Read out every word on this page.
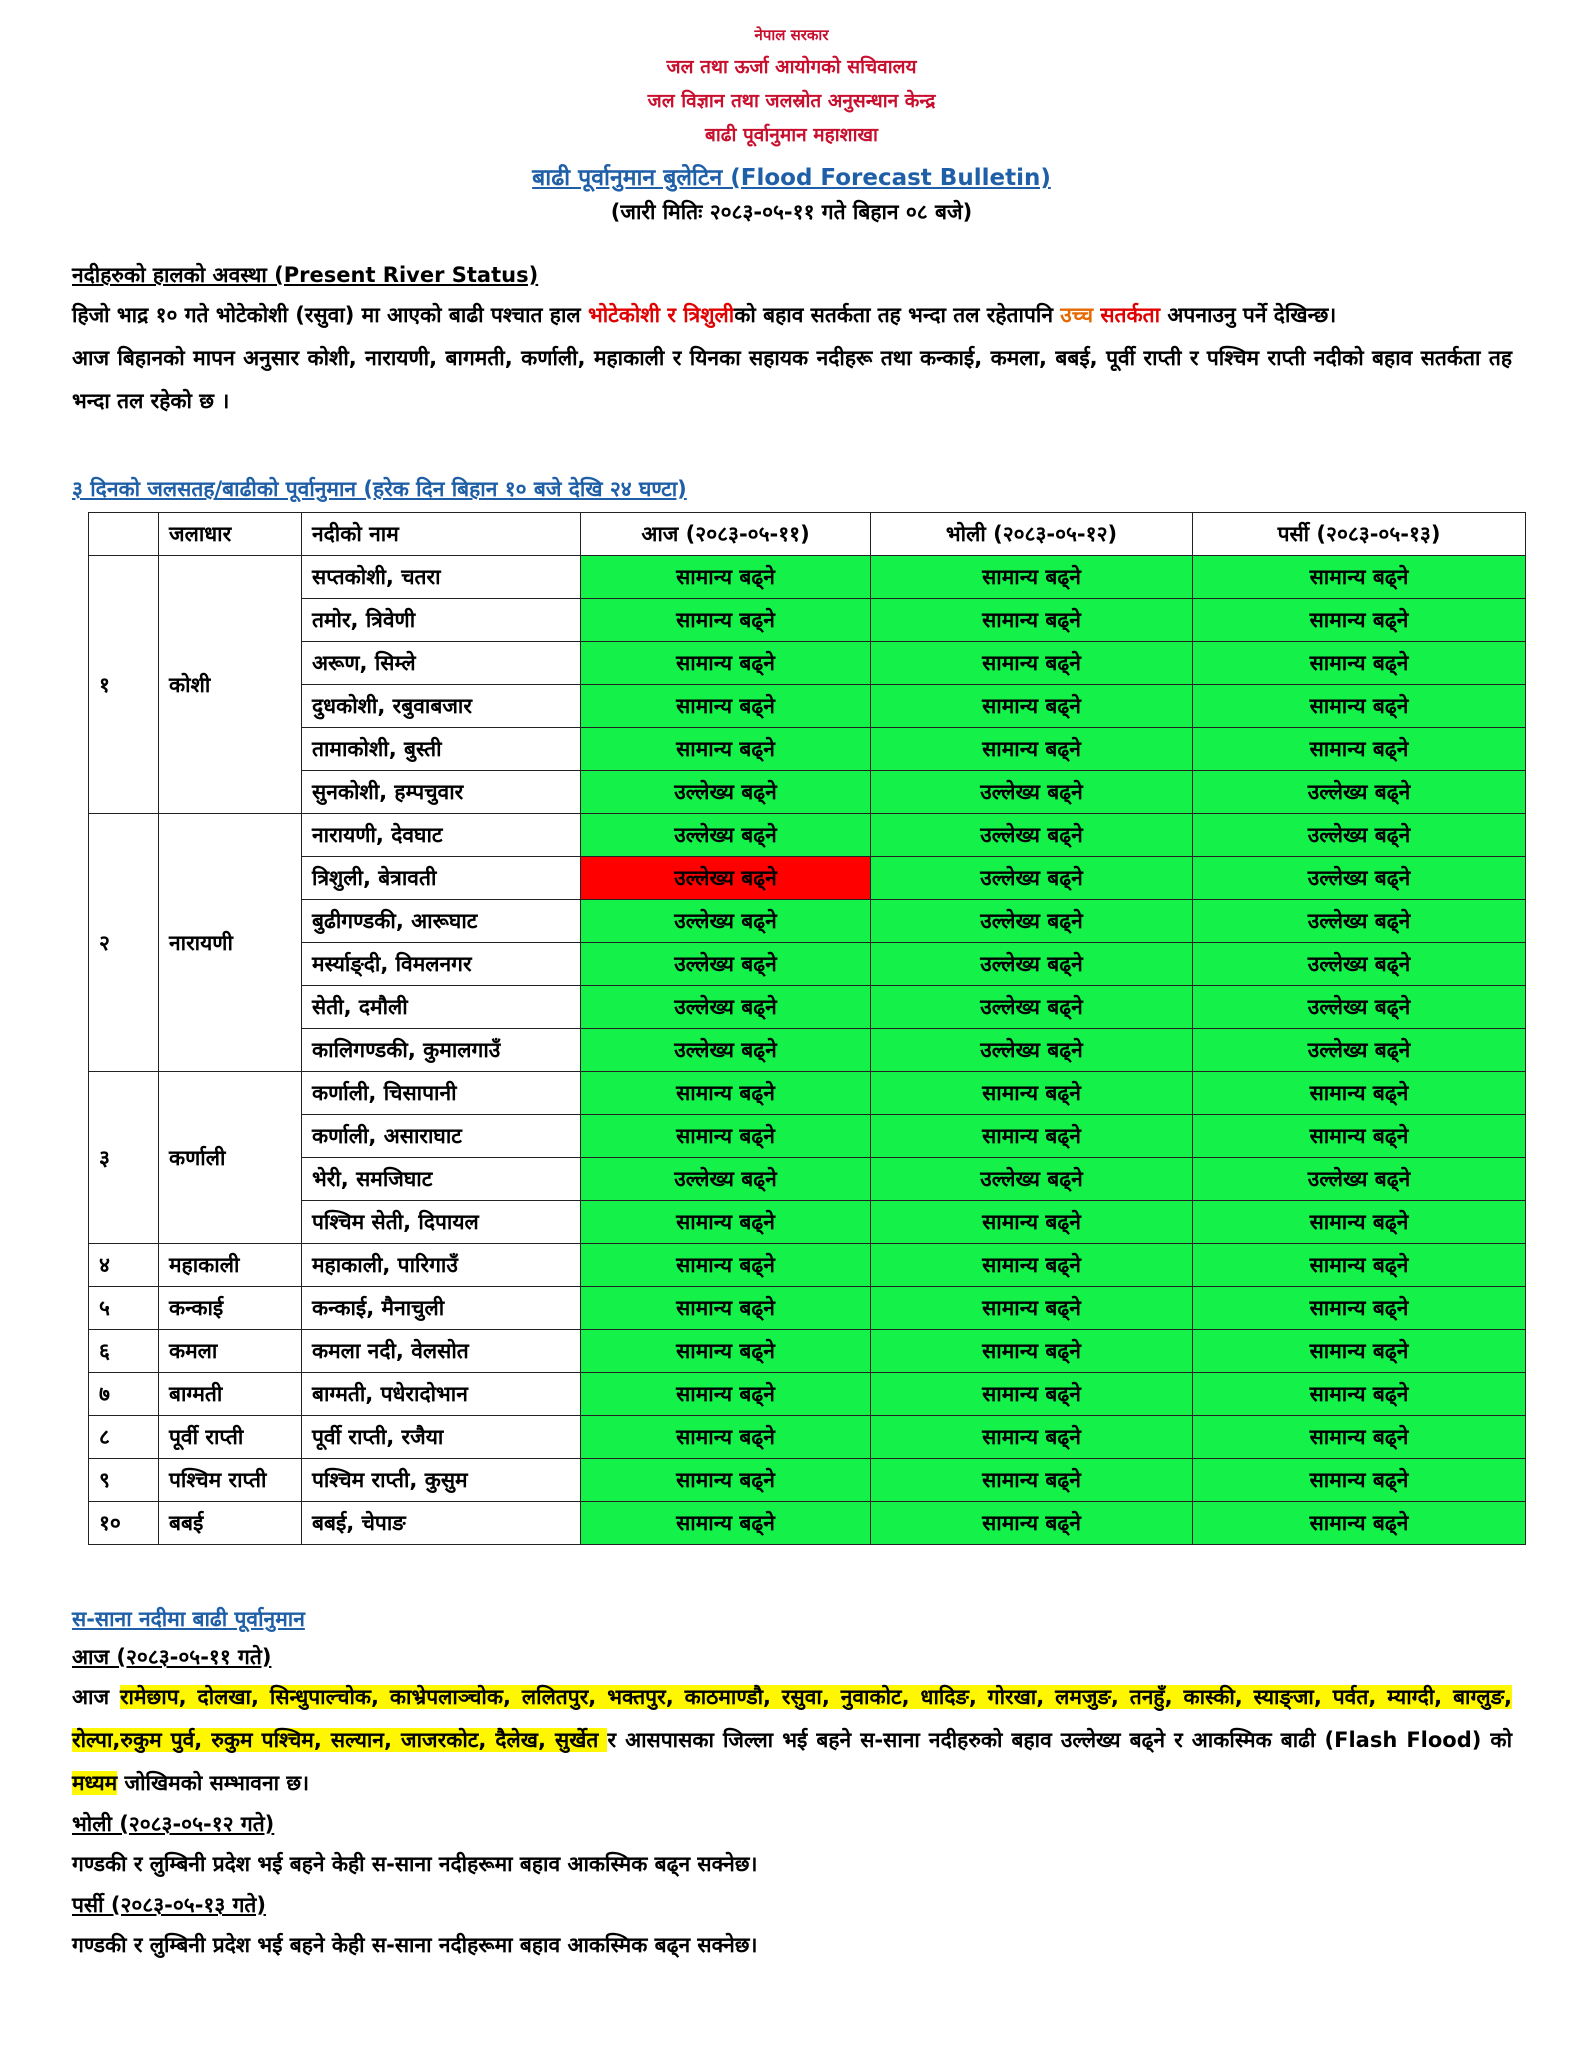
नेपाल सरकार
जल तथा ऊर्जा आयोगको सचिवालय
जल विज्ञान तथा जलस्रोत अनुसन्धान केन्द्र
बाढी पूर्वानुमान महाशाखा
बाढी पूर्वानुमान बुलेटिन (Flood Forecast Bulletin)
(जारी मितिः २०८३-०५-११ गते बिहान ०८ बजे)
नदीहरुको हालको अवस्था (Present River Status)
हिजो भाद्र १० गते भोटेकोशी (रसुवा) मा आएको बाढी पश्चात हाल भोटेकोशी र त्रिशुलीको बहाव सतर्कता तह भन्दा तल रहेतापनि उच्च सतर्कता अपनाउनु पर्ने देखिन्छ।
आज बिहानको मापन अनुसार कोशी, नारायणी, बागमती, कर्णाली, महाकाली र यिनका सहायक नदीहरू तथा कन्काई, कमला, बबई, पूर्वी राप्ती र पश्चिम राप्ती नदीको बहाव सतर्कता तह भन्दा तल रहेको छ ।
३ दिनको जलसतह/बाढीको पूर्वानुमान (हरेक दिन बिहान १० बजे देखि २४ घण्टा)
	जलाधार	नदीको नाम	आज (२०८३-०५-११)	भोली (२०८३-०५-१२)	पर्सी (२०८३-०५-१३)
१	कोशी	सप्तकोशी, चतरा	सामान्य बढ्ने	सामान्य बढ्ने	सामान्य बढ्ने
		तमोर, त्रिवेणी	सामान्य बढ्ने	सामान्य बढ्ने	सामान्य बढ्ने
		अरूण, सिम्ले	सामान्य बढ्ने	सामान्य बढ्ने	सामान्य बढ्ने
		दुधकोशी, रबुवाबजार	सामान्य बढ्ने	सामान्य बढ्ने	सामान्य बढ्ने
		तामाकोशी, बुस्ती	सामान्य बढ्ने	सामान्य बढ्ने	सामान्य बढ्ने
		सुनकोशी, हम्पचुवार	उल्लेख्य बढ्ने	उल्लेख्य बढ्ने	उल्लेख्य बढ्ने
२	नारायणी	नारायणी, देवघाट	उल्लेख्य बढ्ने	उल्लेख्य बढ्ने	उल्लेख्य बढ्ने
		त्रिशुली, बेत्रावती	उल्लेख्य बढ्ने	उल्लेख्य बढ्ने	उल्लेख्य बढ्ने
		बुढीगण्डकी, आरूघाट	उल्लेख्य बढ्ने	उल्लेख्य बढ्ने	उल्लेख्य बढ्ने
		मर्स्याङ्दी, विमलनगर	उल्लेख्य बढ्ने	उल्लेख्य बढ्ने	उल्लेख्य बढ्ने
		सेती, दमौली	उल्लेख्य बढ्ने	उल्लेख्य बढ्ने	उल्लेख्य बढ्ने
		कालिगण्डकी, कुमालगाउँ	उल्लेख्य बढ्ने	उल्लेख्य बढ्ने	उल्लेख्य बढ्ने
३	कर्णाली	कर्णाली, चिसापानी	सामान्य बढ्ने	सामान्य बढ्ने	सामान्य बढ्ने
		कर्णाली, असाराघाट	सामान्य बढ्ने	सामान्य बढ्ने	सामान्य बढ्ने
		भेरी, समजिघाट	उल्लेख्य बढ्ने	उल्लेख्य बढ्ने	उल्लेख्य बढ्ने
		पश्चिम सेती, दिपायल	सामान्य बढ्ने	सामान्य बढ्ने	सामान्य बढ्ने
४	महाकाली	महाकाली, पारिगाउँ	सामान्य बढ्ने	सामान्य बढ्ने	सामान्य बढ्ने
५	कन्काई	कन्काई, मैनाचुली	सामान्य बढ्ने	सामान्य बढ्ने	सामान्य बढ्ने
६	कमला	कमला नदी, वेलसोत	सामान्य बढ्ने	सामान्य बढ्ने	सामान्य बढ्ने
७	बाग्मती	बाग्मती, पधेरादोभान	सामान्य बढ्ने	सामान्य बढ्ने	सामान्य बढ्ने
८	पूर्वी राप्ती	पूर्वी राप्ती, रजैया	सामान्य बढ्ने	सामान्य बढ्ने	सामान्य बढ्ने
९	पश्चिम राप्ती	पश्चिम राप्ती, कुसुम	सामान्य बढ्ने	सामान्य बढ्ने	सामान्य बढ्ने
१०	बबई	बबई, चेपाङ	सामान्य बढ्ने	सामान्य बढ्ने	सामान्य बढ्ने
स-साना नदीमा बाढी पूर्वानुमान
आज (२०८३-०५-११ गते)
आज रामेछाप, दोलखा, सिन्धुपाल्चोक, काभ्रेपलाञ्चोक, ललितपुर, भक्तपुर, काठमाण्डौ, रसुवा, नुवाकोट, धादिङ, गोरखा, लमजुङ, तनहुँ, कास्की, स्याङ्जा, पर्वत, म्याग्दी, बाग्लुङ, रोल्पा,रुकुम पुर्व, रुकुम पश्चिम, सल्यान, जाजरकोट, दैलेख, सुर्खेत र आसपासका जिल्ला भई बहने स-साना नदीहरुको बहाव उल्लेख्य बढ्ने र आकस्मिक बाढी (Flash Flood) को मध्यम जोखिमको सम्भावना छ।
भोली (२०८३-०५-१२ गते)
गण्डकी र लुम्बिनी प्रदेश भई बहने केही स-साना नदीहरूमा बहाव आकस्मिक बढ्न सक्नेछ।
पर्सी (२०८३-०५-१३ गते)
गण्डकी र लुम्बिनी प्रदेश भई बहने केही स-साना नदीहरूमा बहाव आकस्मिक बढ्न सक्नेछ।
